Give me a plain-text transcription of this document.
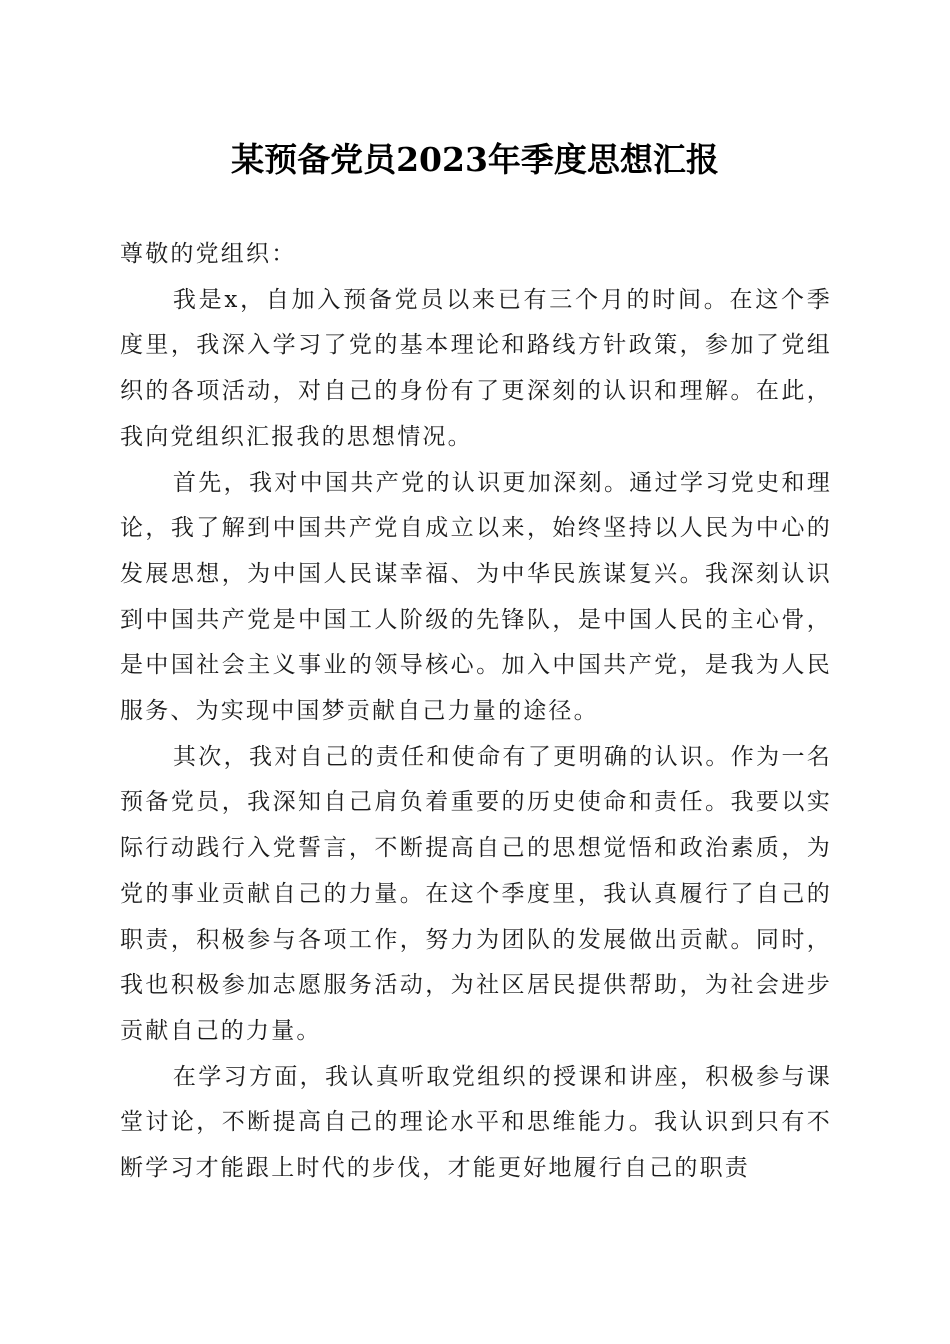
某预备党员2023年季度思想汇报

尊敬的党组织：

我是x，自加入预备党员以来已有三个月的时间。在这个季度里，我深入学习了党的基本理论和路线方针政策，参加了党组织的各项活动，对自己的身份有了更深刻的认识和理解。在此，我向党组织汇报我的思想情况。

首先，我对中国共产党的认识更加深刻。通过学习党史和理论，我了解到中国共产党自成立以来，始终坚持以人民为中心的发展思想，为中国人民谋幸福、为中华民族谋复兴。我深刻认识到中国共产党是中国工人阶级的先锋队，是中国人民的主心骨，是中国社会主义事业的领导核心。加入中国共产党，是我为人民服务、为实现中国梦贡献自己力量的途径。

其次，我对自己的责任和使命有了更明确的认识。作为一名预备党员，我深知自己肩负着重要的历史使命和责任。我要以实际行动践行入党誓言，不断提高自己的思想觉悟和政治素质，为党的事业贡献自己的力量。在这个季度里，我认真履行了自己的职责，积极参与各项工作，努力为团队的发展做出贡献。同时，我也积极参加志愿服务活动，为社区居民提供帮助，为社会进步贡献自己的力量。

在学习方面，我认真听取党组织的授课和讲座，积极参与课堂讨论，不断提高自己的理论水平和思维能力。我认识到只有不断学习才能跟上时代的步伐，才能更好地履行自己的职责
